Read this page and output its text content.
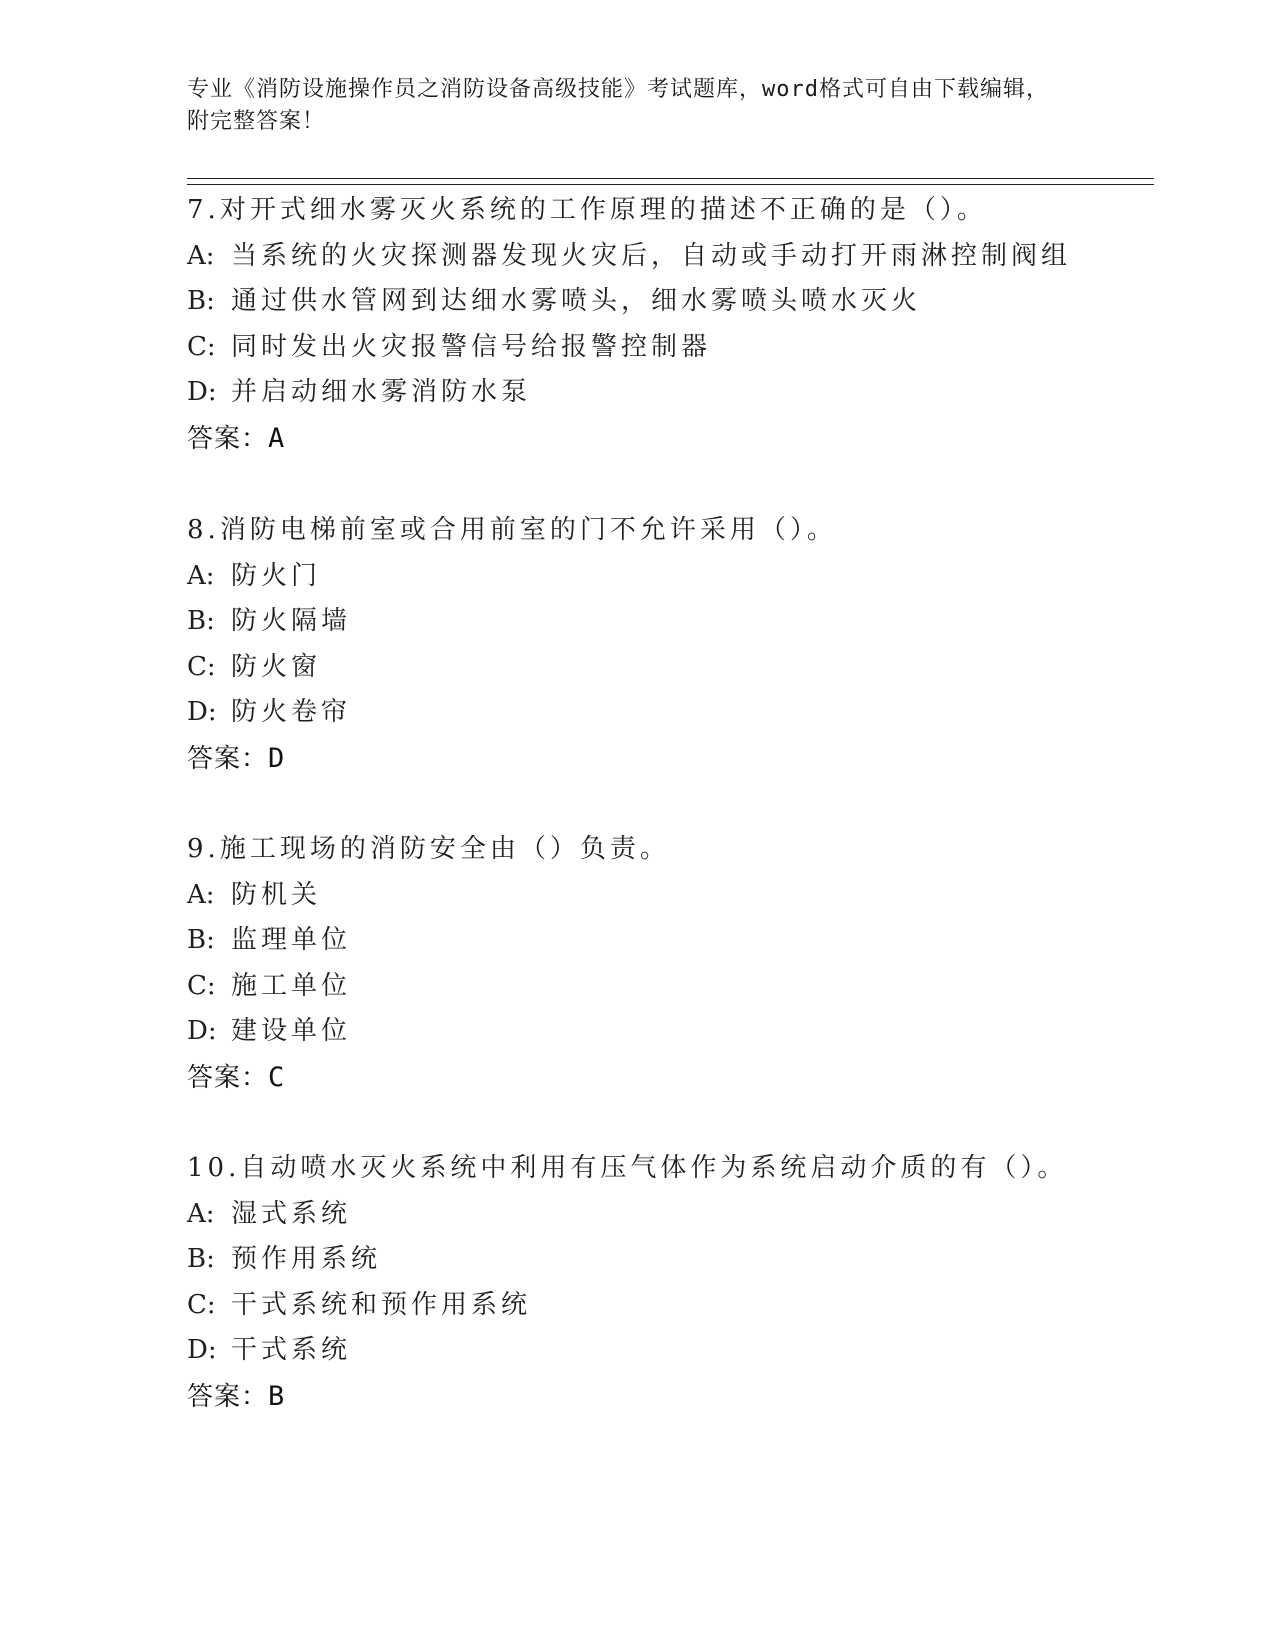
专业《消防设施操作员之消防设备高级技能》考试题库，word格式可自由下载编辑，附完整答案！
7.对开式细水雾灭火系统的工作原理的描述不正确的是（）。
A: 当系统的火灾探测器发现火灾后，自动或手动打开雨淋控制阀组
B: 通过供水管网到达细水雾喷头，细水雾喷头喷水灭火
C: 同时发出火灾报警信号给报警控制器
D: 并启动细水雾消防水泵
答案：A
8.消防电梯前室或合用前室的门不允许采用（）。
A: 防火门
B: 防火隔墙
C: 防火窗
D: 防火卷帘
答案：D
9.施工现场的消防安全由（）负责。
A: 防机关
B: 监理单位
C: 施工单位
D: 建设单位
答案：C
10.自动喷水灭火系统中利用有压气体作为系统启动介质的有（）。
A: 湿式系统
B: 预作用系统
C: 干式系统和预作用系统
D: 干式系统
答案：B
